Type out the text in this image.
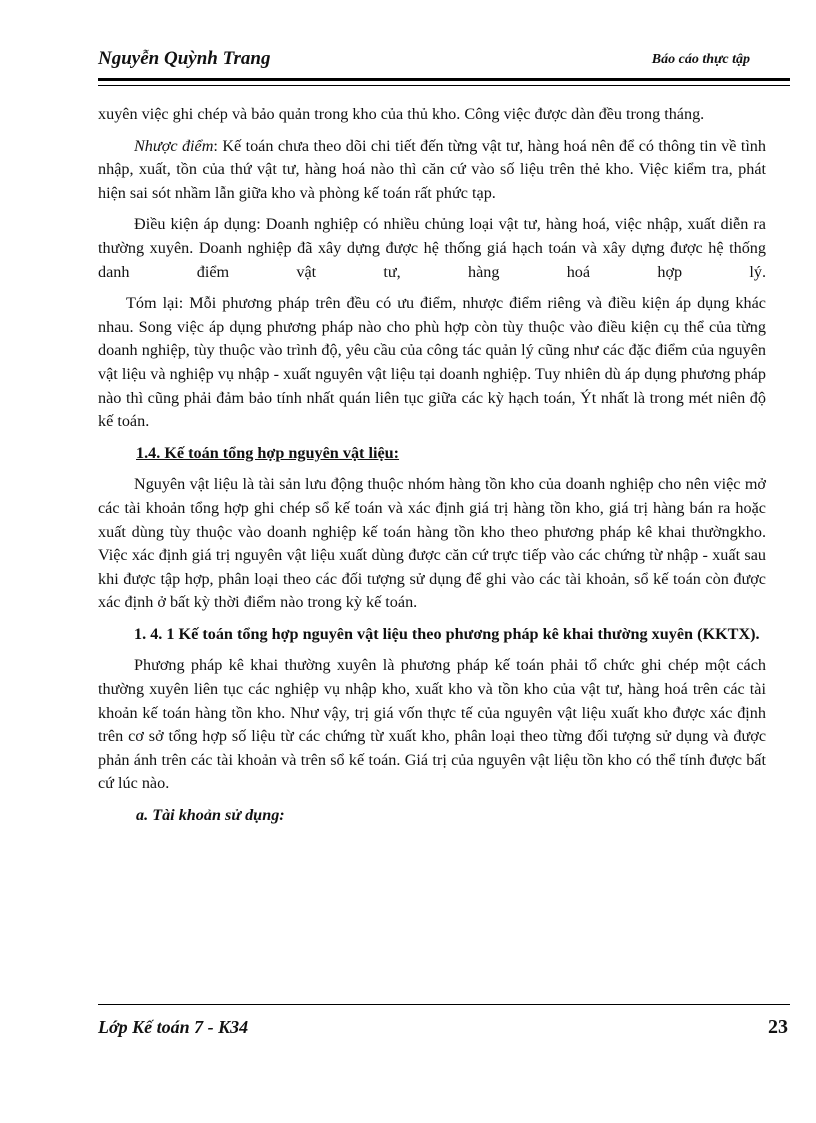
Nguyễn Quỳnh Trang	Báo cáo thực tập

xuyên việc ghi chép và bảo quản trong kho của thủ kho. Công việc được dàn đều trong tháng.

Nhược điểm: Kế toán chưa theo dõi chi tiết đến từng vật tư, hàng hoá nên để có thông tin về tình nhập, xuất, tồn của thứ vật tư, hàng hoá nào thì căn cứ vào số liệu trên thẻ kho. Việc kiểm tra, phát hiện sai sót nhầm lẫn giữa kho và phòng kế toán rất phức tạp.

Điều kiện áp dụng: Doanh nghiệp có nhiều chủng loại vật tư, hàng hoá, việc nhập, xuất diễn ra thường xuyên. Doanh nghiệp đã xây dựng được hệ thống giá hạch toán và xây dựng được hệ thống danh điểm vật tư, hàng hoá hợp lý.

Tóm lại: Mỗi phương pháp trên đều có ưu điểm, nhược điểm riêng và điều kiện áp dụng khác nhau. Song việc áp dụng phương pháp nào cho phù hợp còn tùy thuộc vào điều kiện cụ thể của từng doanh nghiệp, tùy thuộc vào trình độ, yêu cầu của công tác quản lý cũng như các đặc điểm của nguyên vật liệu và nghiệp vụ nhập - xuất nguyên vật liệu tại doanh nghiệp. Tuy nhiên dù áp dụng phương pháp nào thì cũng phải đảm bảo tính nhất quán liên tục giữa các kỳ hạch toán, Ýt nhất là trong mét niên độ kế toán.

1.4. Kế toán tổng hợp nguyên vật liệu:

Nguyên vật liệu là tài sản lưu động thuộc nhóm hàng tồn kho của doanh nghiệp cho nên việc mở các tài khoản tổng hợp ghi chép sổ kế toán và xác định giá trị hàng tồn kho, giá trị hàng bán ra hoặc xuất dùng tùy thuộc vào doanh nghiệp kế toán hàng tồn kho theo phương pháp kê khai thườngkho. Việc xác định giá trị nguyên vật liệu xuất dùng được căn cứ trực tiếp vào các chứng từ nhập - xuất sau khi được tập hợp, phân loại theo các đối tượng sử dụng để ghi vào các tài khoản, sổ kế toán còn được xác định ở bất kỳ thời điểm nào trong kỳ kế toán.

1. 4. 1 Kế toán tổng hợp nguyên vật liệu theo phương pháp kê khai thường xuyên (KKTX).

Phương pháp kê khai thường xuyên là phương pháp kế toán phải tổ chức ghi chép một cách thường xuyên liên tục các nghiệp vụ nhập kho, xuất kho và tồn kho của vật tư, hàng hoá trên các tài khoản kế toán hàng tồn kho. Như vậy, trị giá vốn thực tế của nguyên vật liệu xuất kho được xác định trên cơ sở tổng hợp số liệu từ các chứng từ xuất kho, phân loại theo từng đối tượng sử dụng và được phản ánh trên các tài khoản và trên sổ kế toán. Giá trị của nguyên vật liệu tồn kho có thể tính được bất cứ lúc nào.

a. Tài khoản sử dụng:

Lớp Kế toán 7 - K34	23
